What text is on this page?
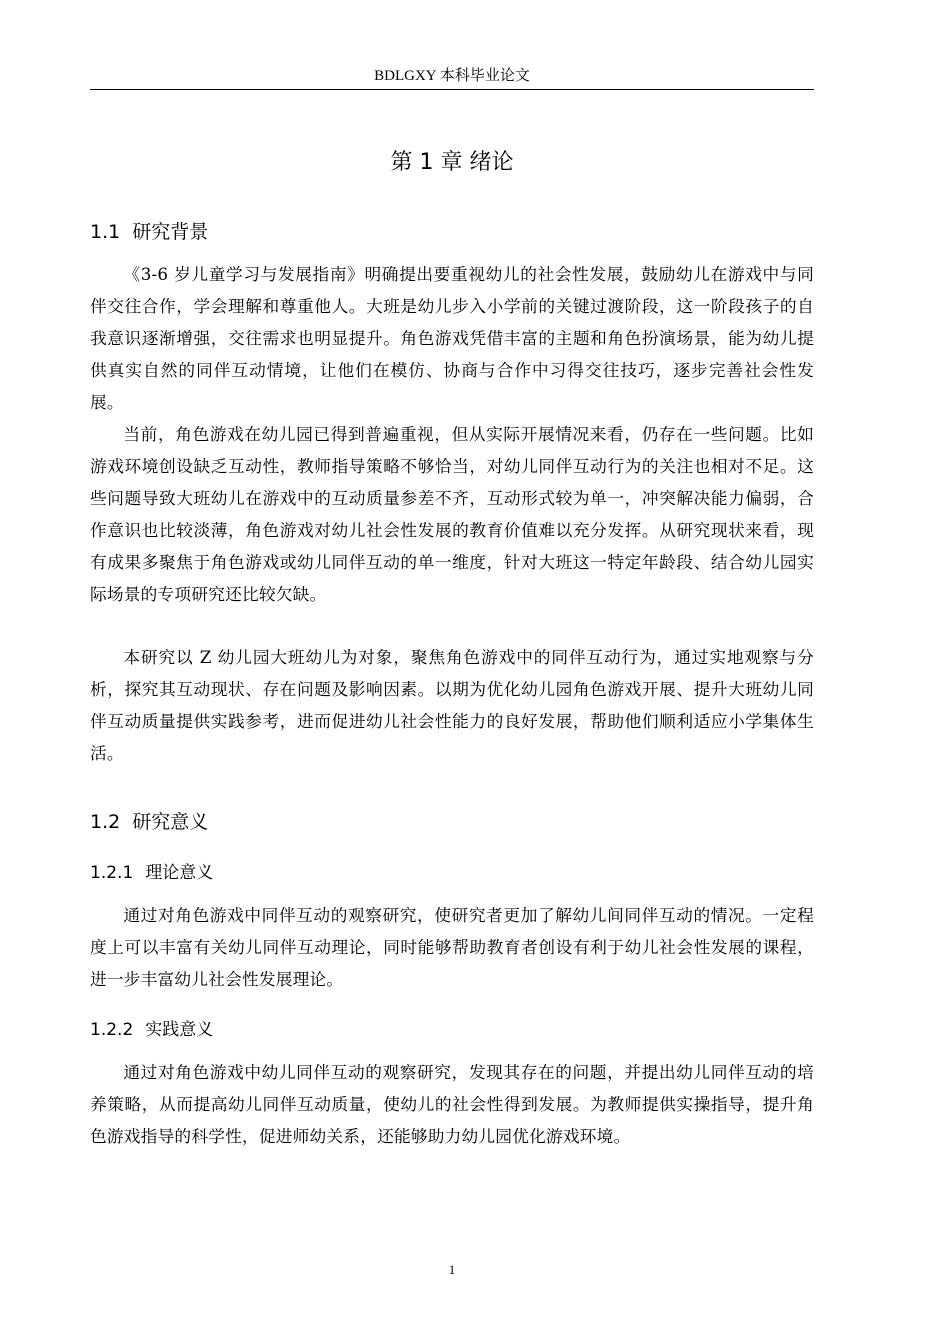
BDLGXY 本科毕业论文
第 1 章 绪论
1.1 研究背景

《3-6 岁儿童学习与发展指南》明确提出要重视幼儿的社会性发展，鼓励幼儿在游戏中与同伴交往合作，学会理解和尊重他人。大班是幼儿步入小学前的关键过渡阶段，这一阶段孩子的自我意识逐渐增强，交往需求也明显提升。角色游戏凭借丰富的主题和角色扮演场景，能为幼儿提供真实自然的同伴互动情境，让他们在模仿、协商与合作中习得交往技巧，逐步完善社会性发展。

当前，角色游戏在幼儿园已得到普遍重视，但从实际开展情况来看，仍存在一些问题。比如游戏环境创设缺乏互动性，教师指导策略不够恰当，对幼儿同伴互动行为的关注也相对不足。这些问题导致大班幼儿在游戏中的互动质量参差不齐，互动形式较为单一，冲突解决能力偏弱，合作意识也比较淡薄，角色游戏对幼儿社会性发展的教育价值难以充分发挥。从研究现状来看，现有成果多聚焦于角色游戏或幼儿同伴互动的单一维度，针对大班这一特定年龄段、结合幼儿园实际场景的专项研究还比较欠缺。

本研究以 Z 幼儿园大班幼儿为对象，聚焦角色游戏中的同伴互动行为，通过实地观察与分析，探究其互动现状、存在问题及影响因素。以期为优化幼儿园角色游戏开展、提升大班幼儿同伴互动质量提供实践参考，进而促进幼儿社会性能力的良好发展，帮助他们顺利适应小学集体生活。

1.2 研究意义
1.2.1 理论意义

通过对角色游戏中同伴互动的观察研究，使研究者更加了解幼儿间同伴互动的情况。一定程度上可以丰富有关幼儿同伴互动理论，同时能够帮助教育者创设有利于幼儿社会性发展的课程，进一步丰富幼儿社会性发展理论。

1.2.2 实践意义

通过对角色游戏中幼儿同伴互动的观察研究，发现其存在的问题，并提出幼儿同伴互动的培养策略，从而提高幼儿同伴互动质量，使幼儿的社会性得到发展。为教师提供实操指导，提升角色游戏指导的科学性，促进师幼关系，还能够助力幼儿园优化游戏环境。

1
